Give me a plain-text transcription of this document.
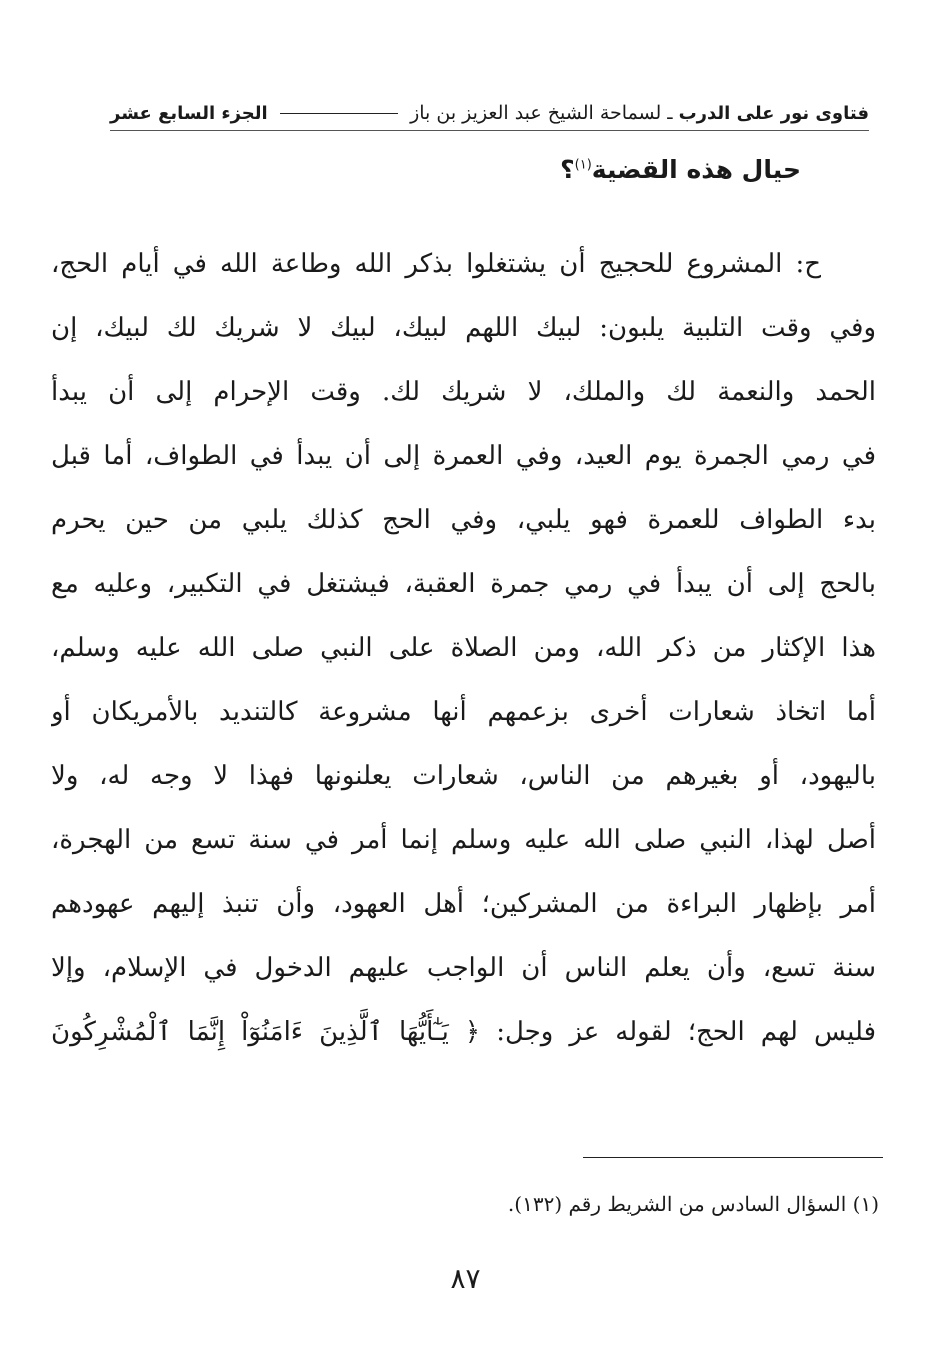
فتاوى نور على الدرب
ـ
لسماحة الشيخ عبد العزيز بن باز
الجزء السابع عشر
حيال هذه القضية$^{(١)}$؟
ح: المشروع للحجيج أن يشتغلوا بذكر الله وطاعة الله في أيام الحج،
وفي وقت التلبية يلبون: لبيك اللهم لبيك، لبيك لا شريك لك لبيك، إن
الحمد والنعمة لك والملك، لا شريك لك. وقت الإحرام إلى أن يبدأ
في رمي الجمرة يوم العيد، وفي العمرة إلى أن يبدأ في الطواف، أما قبل
بدء الطواف للعمرة فهو يلبي، وفي الحج كذلك يلبي من حين يحرم
بالحج إلى أن يبدأ في رمي جمرة العقبة، فيشتغل في التكبير، وعليه مع
هذا الإكثار من ذكر الله، ومن الصلاة على النبي صلى الله عليه وسلم،
أما اتخاذ شعارات أخرى بزعمهم أنها مشروعة كالتنديد بالأمريكان أو
باليهود، أو بغيرهم من الناس، شعارات يعلنونها فهذا لا وجه له، ولا
أصل لهذا، النبي صلى الله عليه وسلم إنما أمر في سنة تسع من الهجرة،
أمر بإظهار البراءة من المشركين؛ أهل العهود، وأن تنبذ إليهم عهودهم
سنة تسع، وأن يعلم الناس أن الواجب عليهم الدخول في الإسلام، وإلا
فليس لهم الحج؛ لقوله عز وجل: ﴿ يَـٰٓأَيُّهَا ٱلَّذِينَ ءَامَنُوٓاْ إِنَّمَا ٱلْمُشْرِكُونَ
(١) السؤال السادس من الشريط رقم (١٣٢).
٨٧
